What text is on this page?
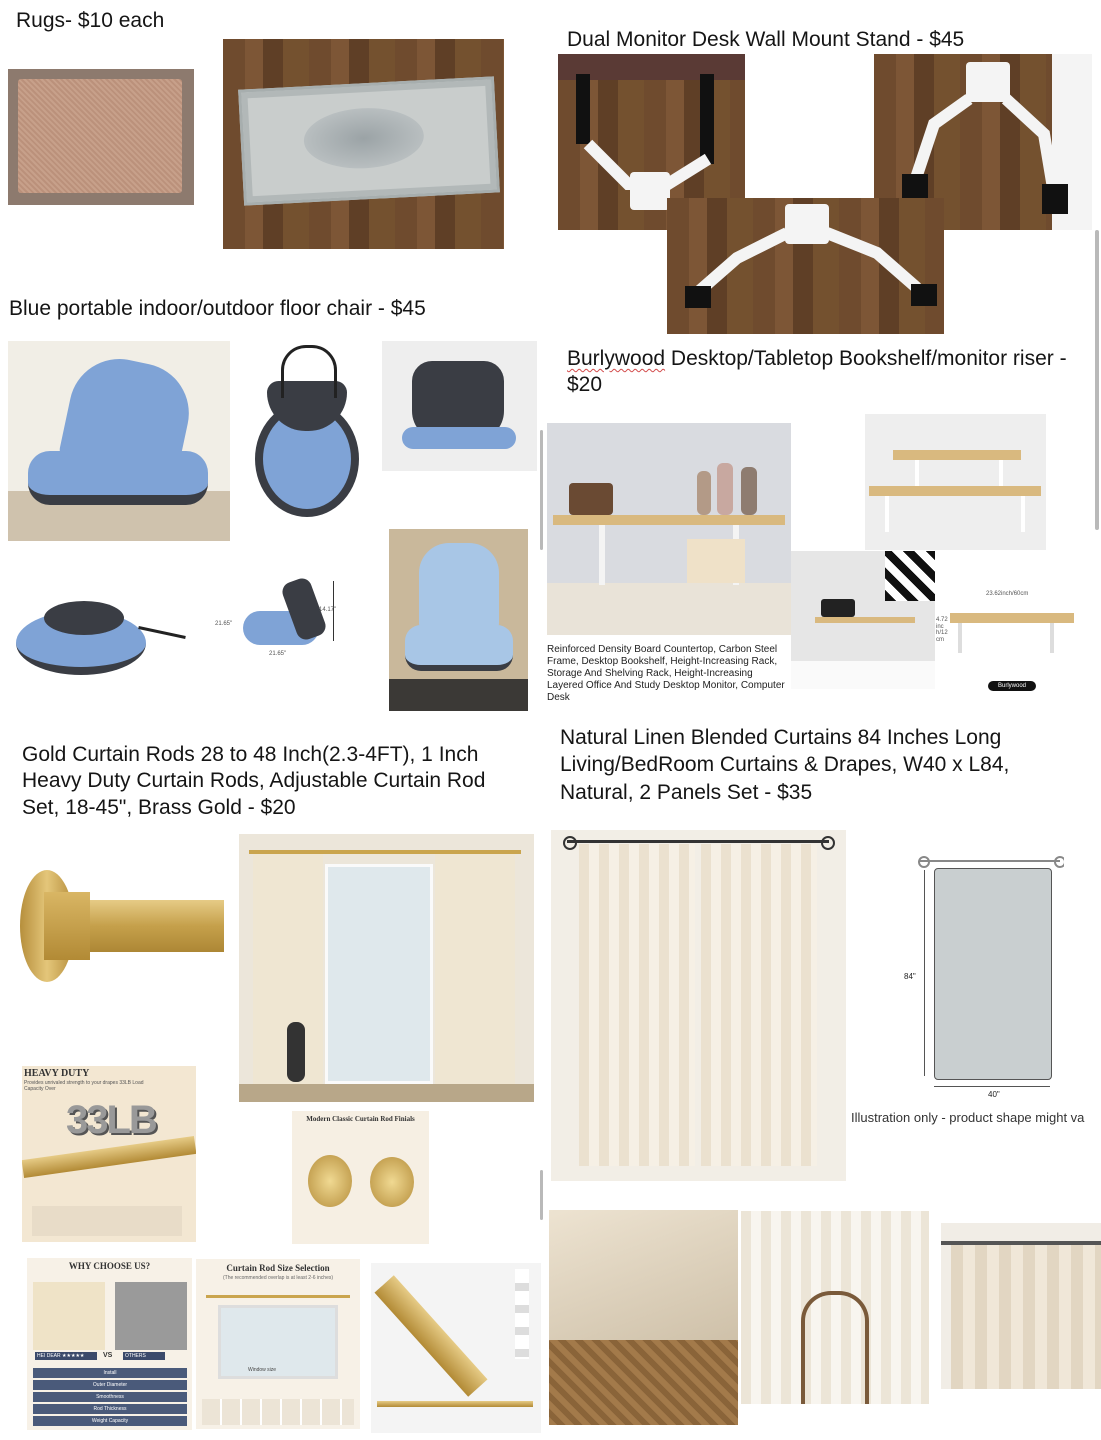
Rugs- $10 each
Dual Monitor Desk Wall Mount Stand - $45
Blue portable indoor/outdoor floor chair - $45
14.17"
21.65"
21.65"
Burlywood Desktop/Tabletop Bookshelf/monitor riser - $20
Reinforced Density Board Countertop, Carbon Steel Frame, Desktop Bookshelf, Height-Increasing Rack, Storage And Shelving Rack, Height-Increasing Layered Office And Study Desktop Monitor, Computer Desk
23.62inch/60cm
4.72inch/12cm
Burlywood
Gold Curtain Rods 28 to 48 Inch(2.3-4FT), 1 Inch Heavy Duty Curtain Rods, Adjustable Curtain Rod Set, 18-45", Brass Gold - $20
HEAVY DUTY
Provides unrivaled strength to your drapes 33LB Load Capacity Over
33LB	Modern Classic Curtain Rod Finials
WHY CHOOSE US?
HEI DEAR ★★★★★	VS	OTHERS
Install
Outer Diameter
Smoothness
Rod Thickness
Weight Capacity
Curtain Rod Size Selection
(The recommended overlap is at least 2-6 inches)
Window size
Natural Linen Blended Curtains 84 Inches Long Living/BedRoom Curtains & Drapes, W40 x L84, Natural, 2 Panels Set - $35
84"
40"
Illustration only - product shape might va
